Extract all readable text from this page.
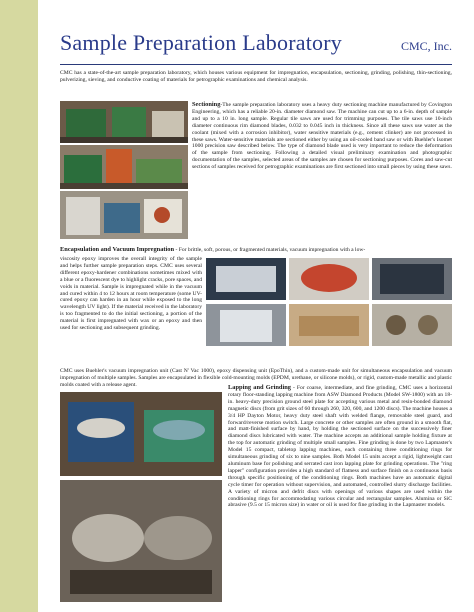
Sample Preparation Laboratory	CMC, Inc.
CMC has a state-of-the-art sample preparation laboratory, which houses various equipment for impregnation, encapsulation, sectioning, grinding, polishing, thin-sectioning, pulverizing, sieving, and conductive coating of materials for petrographic examinations and chemical analysis.
Sectioning-The sample preparation laboratory uses a heavy duty sectioning machine manufactured by Covington Engineering, which has a reliable 20-in. diameter diamond saw. The machine can cut up to a 6-in. depth of sample and up to a 10 in. long sample. Regular tile saws are used for trimming purposes. The tile saws use 10-inch diameter continuous rim diamond blades, 0.032 to 0.045 inch in thickness. Since all these saws use water as the coolant (mixed with a corrosion inhibitor), water sensitive materials (e.g., cement clinker) are not processed in these saws. Water-sensitive materials are sectioned either by using an oil-cooled band saw or with Buehler's Isomet 1000 precision saw described below. The type of diamond blade used is very important to reduce the deformation of the sample from sectioning. Following a detailed visual preliminary examination and photographic documentation of the samples, selected areas of the samples are chosen for sectioning purposes. Cores and saw-cut sections of samples received for petrographic examinations are first sectioned into small pieces by using these saws.
Encapsulation and Vacuum Impregnation - For brittle, soft, porous, or fragmented materials, vacuum impregnation with a low-
viscosity epoxy improves the overall integrity of the sample and helps further sample preparation steps. CMC uses several different epoxy-hardener combinations sometimes mixed with a blue or a fluorescent dye to highlight cracks, pore spaces, and voids in material. Sample is impregnated while in the vacuum and cured within 4 to 12 hours at room temperature (some UV-cured epoxy can harden in an hour while exposed to the long wavelength UV light). If the material received in the laboratory is too fragmented to do the initial sectioning, a portion of the material is first impregnated with wax or an epoxy and then used for sectioning and subsequent grinding.
CMC uses Buehler's vacuum impregnation unit (Cast N' Vac 1000), epoxy dispensing unit (EpoThin), and a custom-made unit for simultaneous encapsulation and vacuum impregnation of multiple samples. Samples are encapsulated in flexible cold-mounting molds (EPDM, urethane, or silicone molds), or rigid, custom-made metallic and plastic molds coated with a release agent.	Lapping and Grinding - For coarse, intermediate, and fine grinding, CMC uses a horizontal rotary floor-standing lapping machine from ASW Diamond Products (Model SW-1800) with an 18-in. heavy-duty precision ground steel plate for accepting various metal and resin-bonded diamond magnetic discs (from grit sizes of 60 through 260, 320, 600, and 1200 discs). The machine houses a 3/4 HP Dayton Motor, heavy duty steel shaft with welded flange, removable steel guard, and forward/reverse motion switch. Large concrete or other samples are often ground in a smooth flat, and matt-finished surface by hand, by holding the sectioned surface on the successively finer diamond discs lubricated with water. The machine accepts an additional sample holding fixture at the top for automatic grinding of multiple small samples. Fine grinding is done by two Lapmaster's Model 15 compact, tabletop lapping machines, each containing three conditioning rings for simultaneous grinding of six to nine samples. Both Model 15 units accept a rigid, lightweight cast aluminum base for polishing and serrated cast iron lapping plate for grinding operations. The "ring lapper" configuration provides a high standard of flatness and surface finish on a continuous basis through specific positioning of the conditioning rings. Both machines have an automatic digital cycle timer for operation without supervision, and automated, controlled slurry discharge facilities. A variety of micron and defrit discs with openings of various shapes are used within the conditioning rings for accommodating various circular and rectangular samples. Alumina or SiC abrasive (9.5 or 15 micron size) in water or oil is used for fine grinding in the Lapmaster models.
